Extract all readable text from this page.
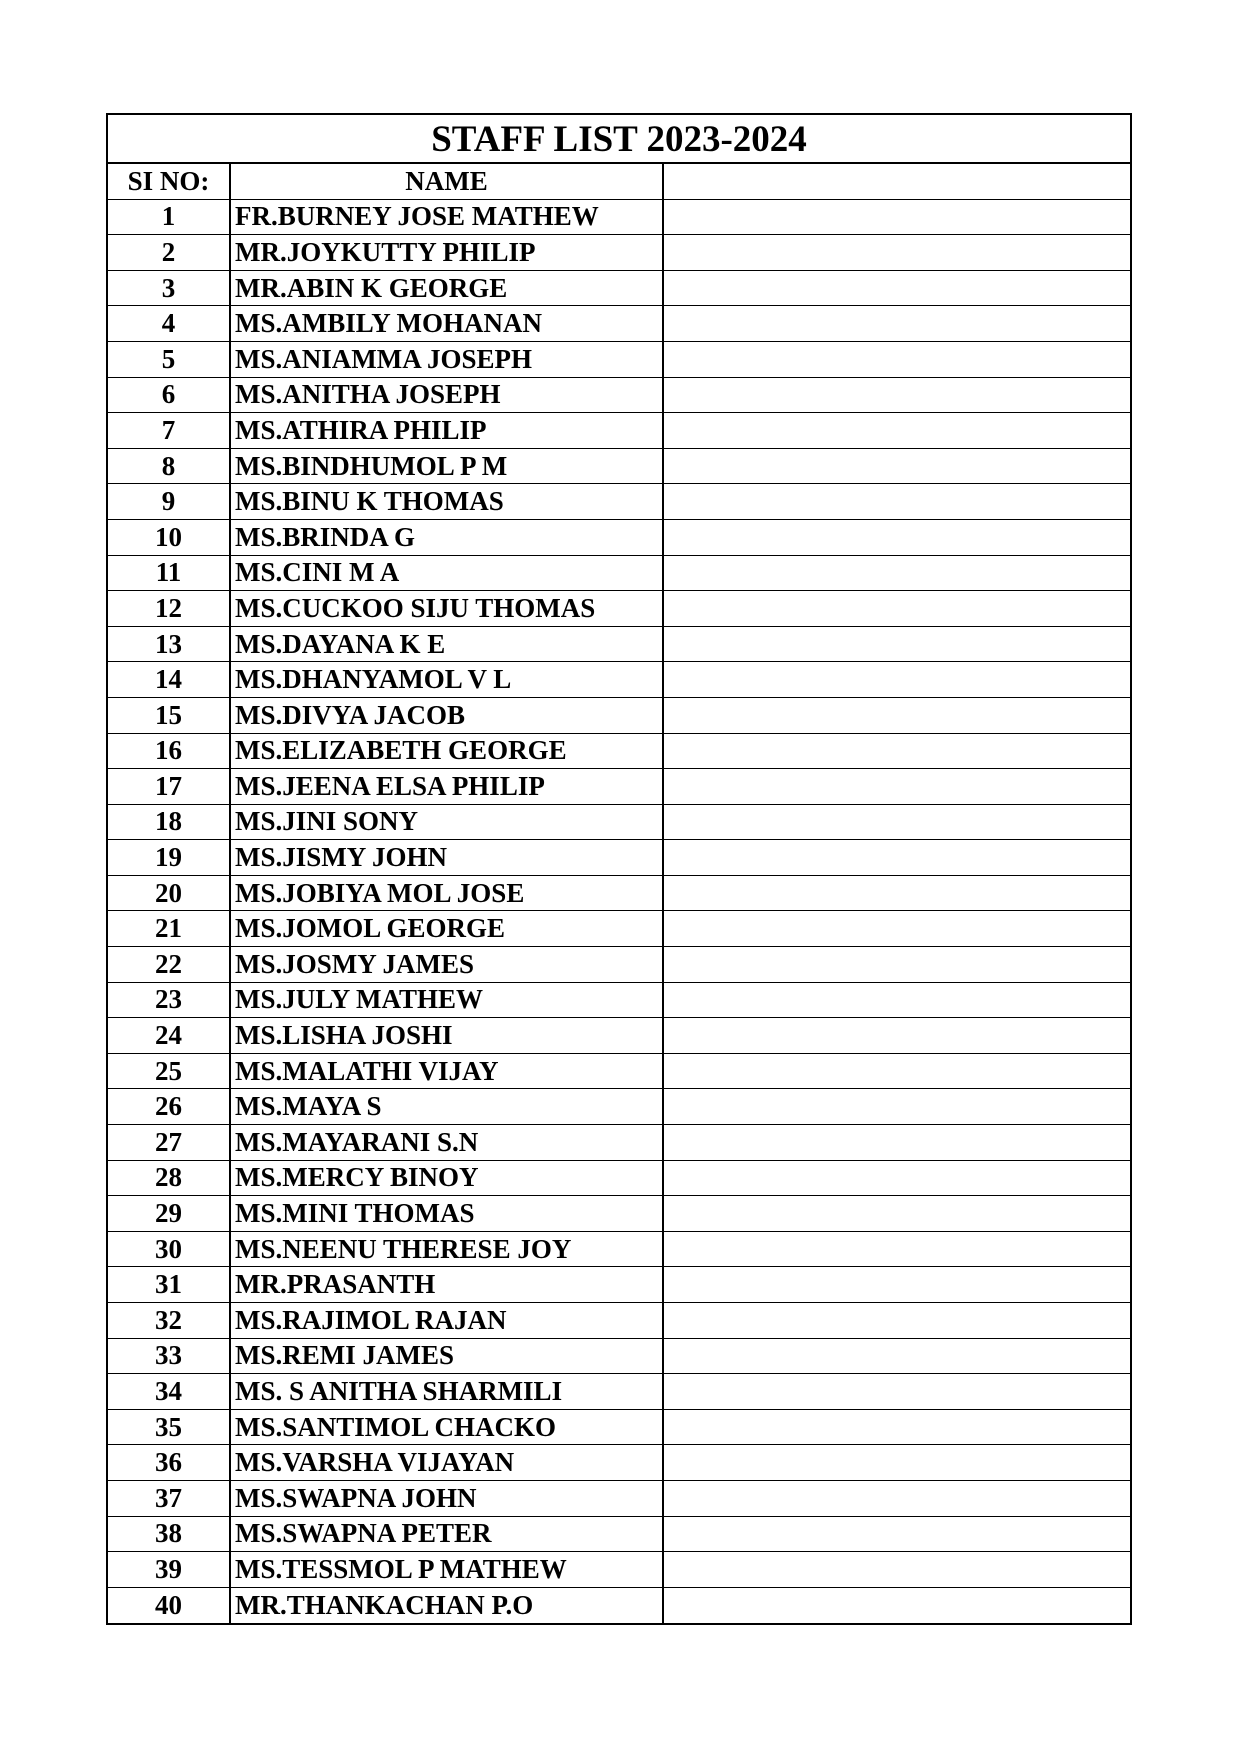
STAFF LIST 2023-2024
SI NO:	NAME
1	FR.BURNEY JOSE MATHEW
2	MR.JOYKUTTY PHILIP
3	MR.ABIN K GEORGE
4	MS.AMBILY MOHANAN
5	MS.ANIAMMA JOSEPH
6	MS.ANITHA JOSEPH
7	MS.ATHIRA PHILIP
8	MS.BINDHUMOL P M
9	MS.BINU K THOMAS
10	MS.BRINDA G
11	MS.CINI M A
12	MS.CUCKOO SIJU THOMAS
13	MS.DAYANA K E
14	MS.DHANYAMOL V L
15	MS.DIVYA JACOB
16	MS.ELIZABETH GEORGE
17	MS.JEENA ELSA PHILIP
18	MS.JINI SONY
19	MS.JISMY JOHN
20	MS.JOBIYA MOL JOSE
21	MS.JOMOL GEORGE
22	MS.JOSMY JAMES
23	MS.JULY MATHEW
24	MS.LISHA JOSHI
25	MS.MALATHI VIJAY
26	MS.MAYA S
27	MS.MAYARANI S.N
28	MS.MERCY BINOY
29	MS.MINI THOMAS
30	MS.NEENU THERESE JOY
31	MR.PRASANTH
32	MS.RAJIMOL RAJAN
33	MS.REMI JAMES
34	MS. S ANITHA SHARMILI
35	MS.SANTIMOL CHACKO
36	MS.VARSHA VIJAYAN
37	MS.SWAPNA JOHN
38	MS.SWAPNA PETER
39	MS.TESSMOL P MATHEW
40	MR.THANKACHAN P.O
